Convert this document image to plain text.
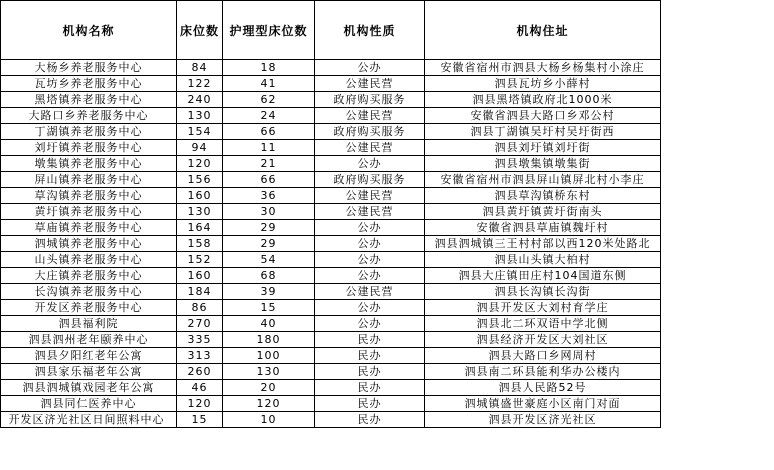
机构名称	床位数	护理型床位数	机构性质	机构住址
大杨乡养老服务中心	84	18	公办	安徽省宿州市泗县大杨乡杨集村小涂庄
瓦坊乡养老服务中心	122	41	公建民营	泗县瓦坊乡小薛村
黑塔镇养老服务中心	240	62	政府购买服务	泗县黑塔镇政府北1000米
大路口乡养老服务中心	130	24	公建民营	安徽省泗县大路口乡邓公村
丁湖镇养老服务中心	154	66	政府购买服务	泗县丁湖镇吴圩村吴圩街西
刘圩镇养老服务中心	94	11	公建民营	泗县刘圩镇刘圩街
墩集镇养老服务中心	120	21	公办	泗县墩集镇墩集街
屏山镇养老服务中心	156	66	政府购买服务	安徽省宿州市泗县屏山镇屏北村小李庄
草沟镇养老服务中心	160	36	公建民营	泗县草沟镇桥东村
黄圩镇养老服务中心	130	30	公建民营	泗县黄圩镇黄圩街南头
草庙镇养老服务中心	164	29	公办	安徽省泗县草庙镇魏圩村
泗城镇养老服务中心	158	29	公办	泗县泗城镇三王村村部以西120米处路北
山头镇养老服务中心	152	54	公办	泗县山头镇大柏村
大庄镇养老服务中心	160	68	公办	泗县大庄镇田庄村104国道东侧
长沟镇养老服务中心	184	39	公建民营	泗县长沟镇长沟街
开发区养老服务中心	86	15	公办	泗县开发区大刘村育学庄
泗县福利院	270	40	公办	泗县北二环双语中学北侧
泗县泗州老年颐养中心	335	180	民办	泗县经济开发区大刘社区
泗县夕阳红老年公寓	313	100	民办	泗县大路口乡网周村
泗县家乐福老年公寓	260	130	民办	泗县南二环县能利华办公楼内
泗县泗城镇戏园老年公寓	46	20	民办	泗县人民路52号
泗县同仁医养中心	120	120	民办	泗城镇盛世豪庭小区南门对面
开发区济光社区日间照料中心	15	10	民办	泗县开发区济光社区
